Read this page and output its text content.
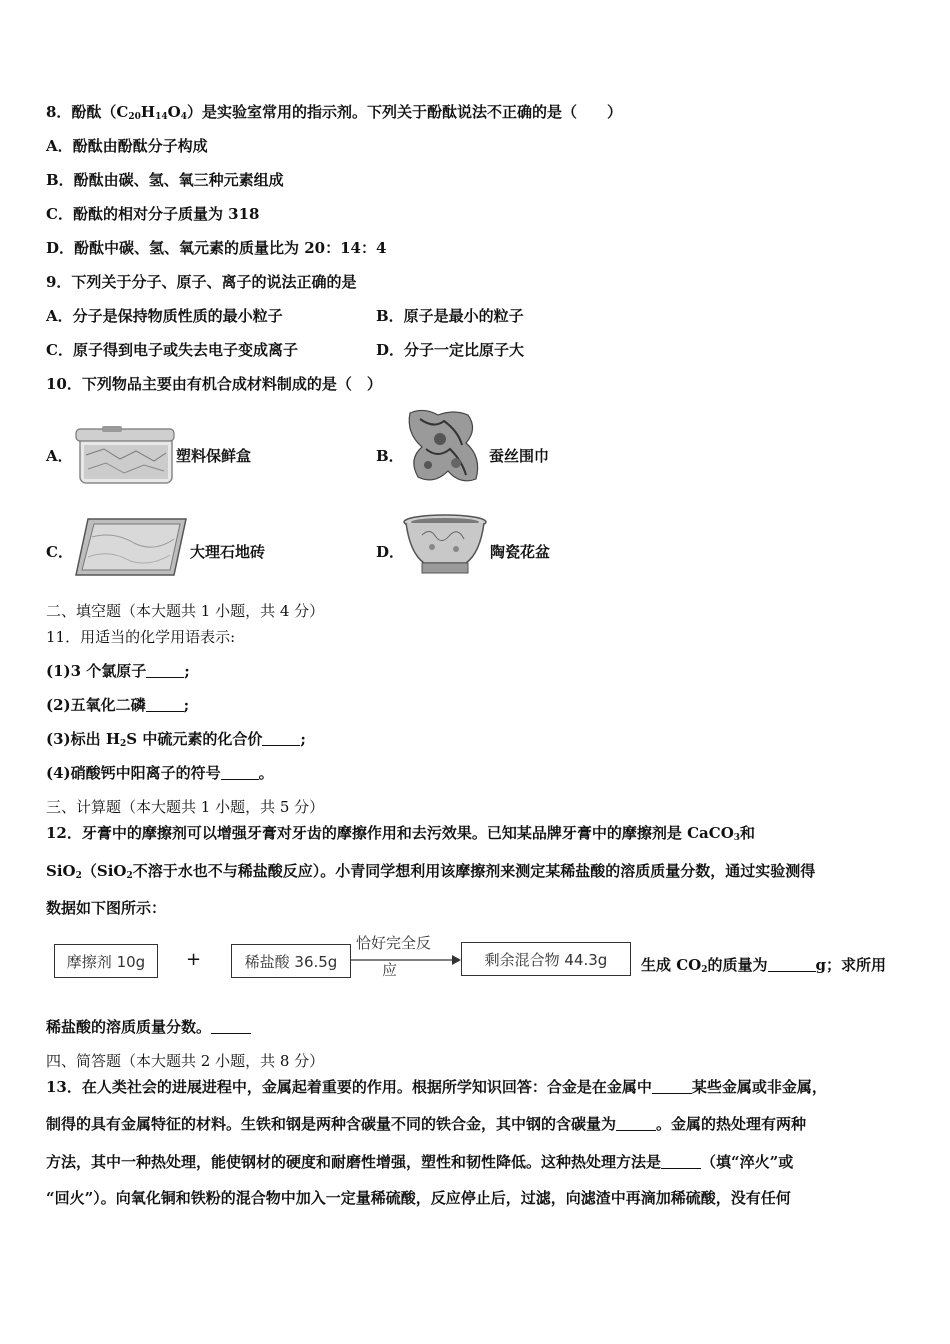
8．酚酞$(C_{20}H_{14}O_4)$是实验室常用的指示剂。下列关于酚酞说法不正确的是（　　）
A．酚酞由酚酞分子构成
B．酚酞由碳、氢、氧三种元素组成
C．酚酞的相对分子质量为 318
D．酚酞中碳、氢、氧元素的质量比为 20：14：4
9．下列关于分子、原子、离子的说法正确的是
A．分子是保持物质性质的最小粒子	B．原子是最小的粒子
C．原子得到电子或失去电子变成离子	D．分子一定比原子大
10．下列物品主要由有机合成材料制成的是（　）
A．	塑料保鲜盒	B．	蚕丝围巾
C．	大理石地砖	D．	陶瓷花盆
二、填空题（本大题共 1 小题，共 4 分）
11．用适当的化学用语表示:
(1)3 个氯原子	;
(2)五氧化二磷	;
(3)标出 $H_2S$ 中硫元素的化合价	;
(4)硝酸钙中阳离子的符号	。
三、计算题（本大题共 1 小题，共 5 分）
12．牙膏中的摩擦剂可以增强牙膏对牙齿的摩擦作用和去污效果。已知某品牌牙膏中的摩擦剂是 CaCO$_3$和
SiO$_2$（SiO$_2$不溶于水也不与稀盐酸反应）。小青同学想利用该摩擦剂来测定某稀盐酸的溶质质量分数，通过实验测得
数据如下图所示：
摩擦剂 10g	+	稀盐酸 36.5g
恰好完全反
应
剩余混合物 44.3g	生成 $CO_2$的质量为	g；求所用
稀盐酸的溶质质量分数。
四、简答题（本大题共 2 小题，共 8 分）
13．在人类社会的进展进程中，金属起着重要的作用。根据所学知识回答：合金是在金属中	某些金属或非金属，
制得的具有金属特征的材料。生铁和钢是两种含碳量不同的铁合金，其中钢的含碳量为	。金属的热处理有两种
方法，其中一种热处理，能使钢材的硬度和耐磨性增强，塑性和韧性降低。这种热处理方法是	（填“淬火”或
“回火”）。向氧化铜和铁粉的混合物中加入一定量稀硫酸，反应停止后，过滤，向滤渣中再滴加稀硫酸，没有任何
